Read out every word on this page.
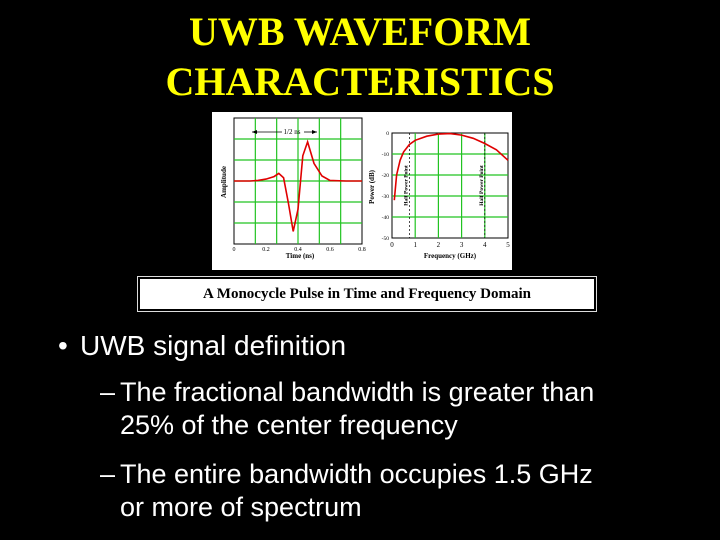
UWB WAVEFORM
CHARACTERISTICS
1/2 ns
0	0.2	0.4	0.6	0.8
Time (ns)
Amplitude	Half Power Point	Half Power Point
0	1	2	3	4	5
0
-10
-20
-30
-40
-50
Frequency (GHz)
Power (dB)
A Monocycle Pulse in Time and Frequency Domain
• UWB signal definition
– The fractional bandwidth is greater than
25% of the center frequency
– The entire bandwidth occupies 1.5 GHz
or more of spectrum
